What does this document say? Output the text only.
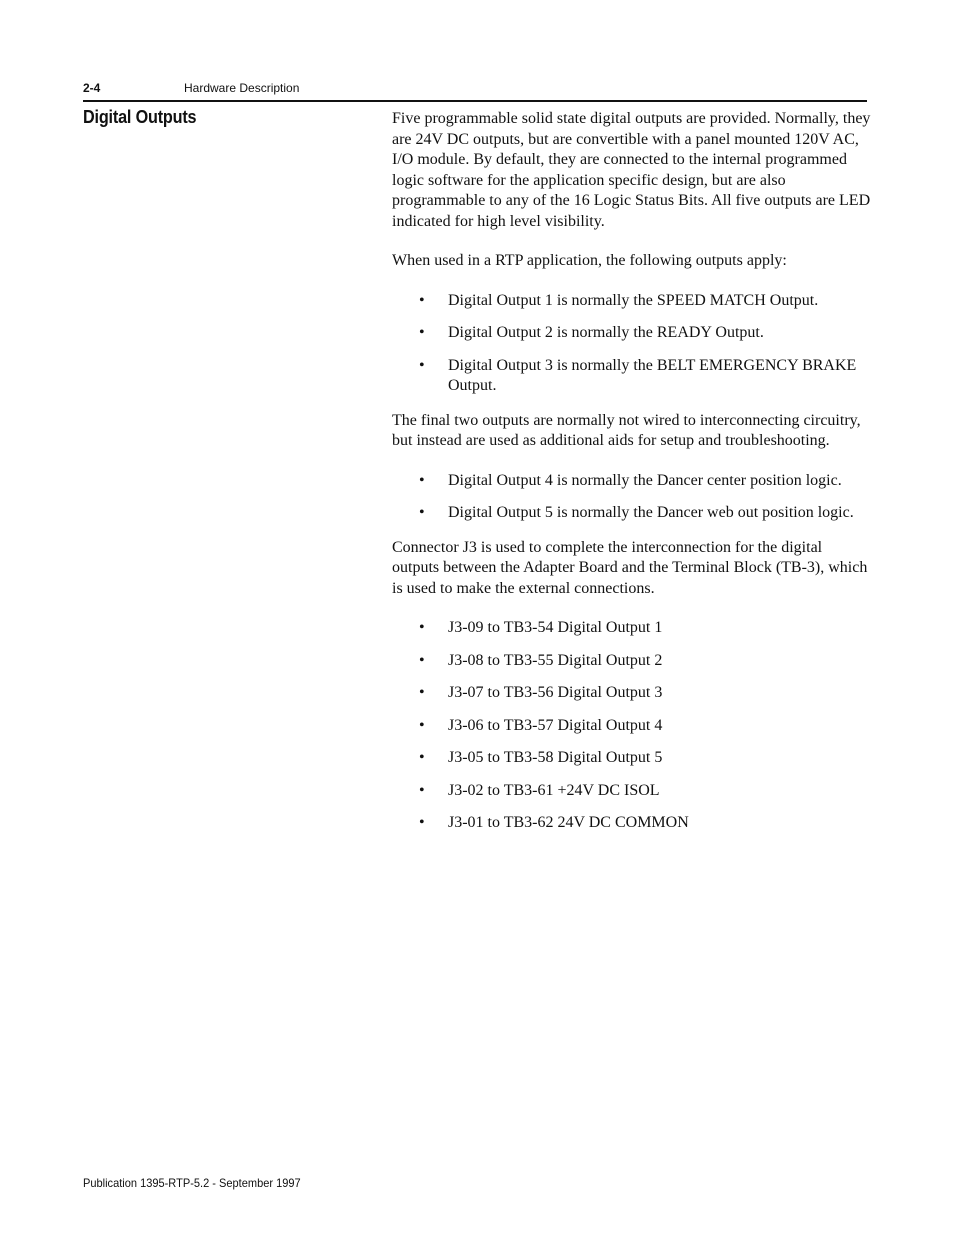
2-4	Hardware Description
Digital Outputs	Five programmable solid state digital outputs are provided. Normally, they are 24V DC outputs, but are convertible with a panel mounted 120V AC, I/O module. By default, they are connected to the internal programmed logic software for the application specific design, but are also programmable to any of the 16 Logic Status Bits. All five outputs are LED indicated for high level visibility.

When used in a RTP application, the following outputs apply:

• Digital Output 1 is normally the SPEED MATCH Output.
• Digital Output 2 is normally the READY Output.
• Digital Output 3 is normally the BELT EMERGENCY BRAKE Output.

The final two outputs are normally not wired to interconnecting circuitry, but instead are used as additional aids for setup and troubleshooting.

• Digital Output 4 is normally the Dancer center position logic.
• Digital Output 5 is normally the Dancer web out position logic.

Connector J3 is used to complete the interconnection for the digital outputs between the Adapter Board and the Terminal Block (TB-3), which is used to make the external connections.

• J3-09 to TB3-54 Digital Output 1
• J3-08 to TB3-55 Digital Output 2
• J3-07 to TB3-56 Digital Output 3
• J3-06 to TB3-57 Digital Output 4
• J3-05 to TB3-58 Digital Output 5
• J3-02 to TB3-61 +24V DC ISOL
• J3-01 to TB3-62 24V DC COMMON
Publication 1395-RTP-5.2 - September 1997
